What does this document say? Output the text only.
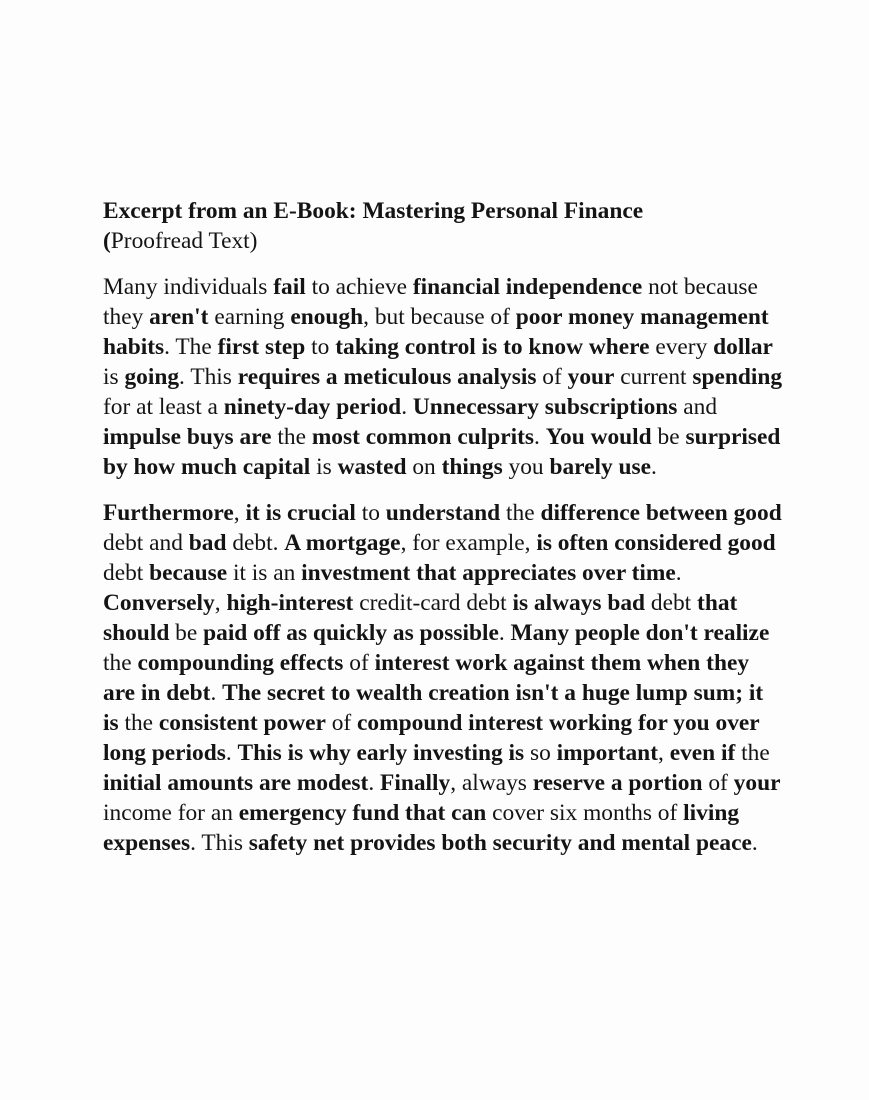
Excerpt from an E-Book: Mastering Personal Finance
(Proofread Text)

Many individuals fail to achieve financial independence not because they aren't earning enough, but because of poor money management habits. The first step to taking control is to know where every dollar is going. This requires a meticulous analysis of your current spending for at least a ninety-day period. Unnecessary subscriptions and impulse buys are the most common culprits. You would be surprised by how much capital is wasted on things you barely use.

Furthermore, it is crucial to understand the difference between good debt and bad debt. A mortgage, for example, is often considered good debt because it is an investment that appreciates over time. Conversely, high-interest credit-card debt is always bad debt that should be paid off as quickly as possible. Many people don't realize the compounding effects of interest work against them when they are in debt. The secret to wealth creation isn't a huge lump sum; it is the consistent power of compound interest working for you over long periods. This is why early investing is so important, even if the initial amounts are modest. Finally, always reserve a portion of your income for an emergency fund that can cover six months of living expenses. This safety net provides both security and mental peace.
